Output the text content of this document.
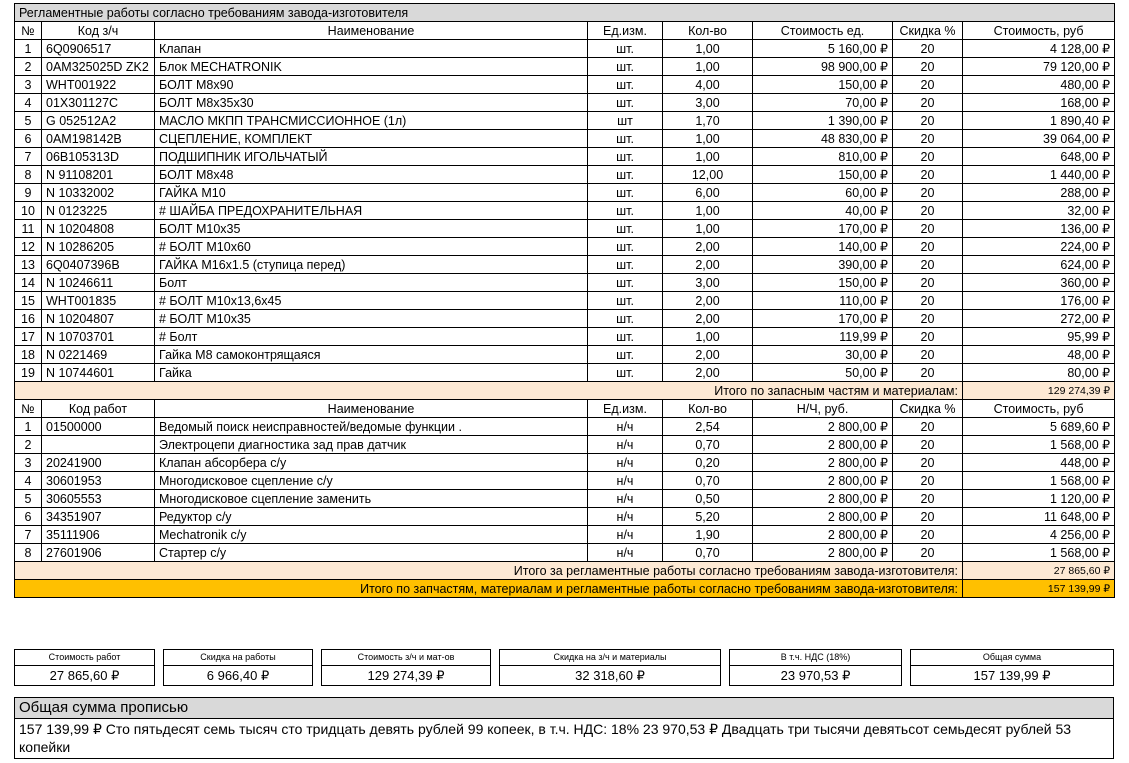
Регламентные работы согласно требованиям завода-изготовителя							
№	Код з/ч	Наименование	Ед.изм.	Кол-во	Стоимость ед.	Скидка %	Стоимость, руб
1	6Q0906517	Клапан	шт.	1,00	5 160,00 ₽	20	4 128,00 ₽
2	0AM325025D ZK2	Блок MECHATRONIK	шт.	1,00	98 900,00 ₽	20	79 120,00 ₽
3	WHT001922	БОЛТ М8х90	шт.	4,00	150,00 ₽	20	480,00 ₽
4	01X301127C	БОЛТ М8х35х30	шт.	3,00	70,00 ₽	20	168,00 ₽
5	G 052512A2	МАСЛО МКПП ТРАНСМИССИОННОЕ (1л)	шт	1,70	1 390,00 ₽	20	1 890,40 ₽
6	0AM198142B	СЦЕПЛЕНИЕ, КОМПЛЕКТ	шт.	1,00	48 830,00 ₽	20	39 064,00 ₽
7	06B105313D	ПОДШИПНИК ИГОЛЬЧАТЫЙ	шт.	1,00	810,00 ₽	20	648,00 ₽
8	N 91108201	БОЛТ М8х48	шт.	12,00	150,00 ₽	20	1 440,00 ₽
9	N 10332002	ГАЙКА М10	шт.	6,00	60,00 ₽	20	288,00 ₽
10	N 0123225	# ШАЙБА ПРЕДОХРАНИТЕЛЬНАЯ	шт.	1,00	40,00 ₽	20	32,00 ₽
11	N 10204808	БОЛТ М10х35	шт.	1,00	170,00 ₽	20	136,00 ₽
12	N 10286205	# БОЛТ М10х60	шт.	2,00	140,00 ₽	20	224,00 ₽
13	6Q0407396B	ГАЙКА М16х1.5 (ступица перед)	шт.	2,00	390,00 ₽	20	624,00 ₽
14	N 10246611	Болт	шт.	3,00	150,00 ₽	20	360,00 ₽
15	WHT001835	# БОЛТ М10х13,6х45	шт.	2,00	110,00 ₽	20	176,00 ₽
16	N 10204807	# БОЛТ М10х35	шт.	2,00	170,00 ₽	20	272,00 ₽
17	N 10703701	# Болт	шт.	1,00	119,99 ₽	20	95,99 ₽
18	N 0221469	Гайка М8 самоконтрящаяся	шт.	2,00	30,00 ₽	20	48,00 ₽
19	N 10744601	Гайка	шт.	2,00	50,00 ₽	20	80,00 ₽
Итого по запасным частям и материалам:							129 274,39 ₽
№	Код работ	Наименование	Ед.изм.	Кол-во	Н/Ч, руб.	Скидка %	Стоимость, руб
1	01500000	Ведомый поиск неисправностей/ведомые функции .	н/ч	2,54	2 800,00 ₽	20	5 689,60 ₽
2		Электроцепи диагностика зад прав датчик	н/ч	0,70	2 800,00 ₽	20	1 568,00 ₽
3	20241900	Клапан абсорбера с/у	н/ч	0,20	2 800,00 ₽	20	448,00 ₽
4	30601953	Многодисковое сцепление с/у	н/ч	0,70	2 800,00 ₽	20	1 568,00 ₽
5	30605553	Многодисковое сцепление заменить	н/ч	0,50	2 800,00 ₽	20	1 120,00 ₽
6	34351907	Редуктор с/у	н/ч	5,20	2 800,00 ₽	20	11 648,00 ₽
7	35111906	Mechatronik с/у	н/ч	1,90	2 800,00 ₽	20	4 256,00 ₽
8	27601906	Стартер с/у	н/ч	0,70	2 800,00 ₽	20	1 568,00 ₽
Итого за регламентные работы согласно требованиям завода-изготовителя:							27 865,60 ₽
Итого по запчастям, материалам и регламентные работы согласно требованиям завода-изготовителя:							157 139,99 ₽
Стоимость работ
27 865,60 ₽
Скидка на работы
6 966,40 ₽
Стоимость з/ч и мат-ов
129 274,39 ₽
Скидка на з/ч и материалы
32 318,60 ₽
В т.ч. НДС (18%)
23 970,53 ₽
Общая сумма
157 139,99 ₽
Общая сумма прописью
157 139,99 ₽ Сто пятьдесят семь тысяч сто тридцать девять рублей 99 копеек, в т.ч. НДС: 18% 23 970,53 ₽ Двадцать три тысячи девятьсот семьдесят рублей 53 копейки
